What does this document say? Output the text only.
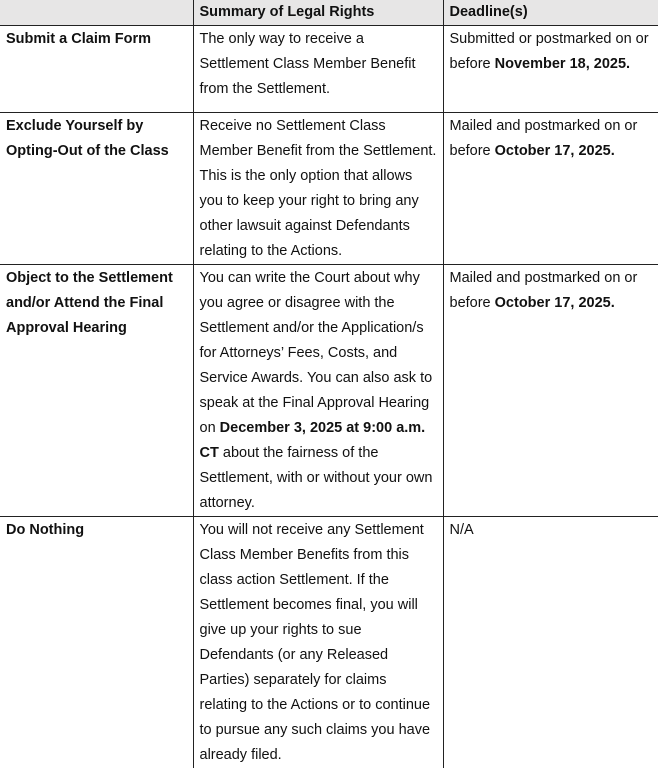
	Summary of Legal Rights	Deadline(s)

Submit a Claim Form	The only way to receive a Settlement Class Member Benefit from the Settlement.	Submitted or postmarked on or before November 18, 2025.

Exclude Yourself by Opting-Out of the Class	Receive no Settlement Class Member Benefit from the Settlement. This is the only option that allows you to keep your right to bring any other lawsuit against Defendants relating to the Actions.	Mailed and postmarked on or before October 17, 2025.

Object to the Settlement and/or Attend the Final Approval Hearing	You can write the Court about why you agree or disagree with the Settlement and/or the Application/s for Attorneys’ Fees, Costs, and Service Awards. You can also ask to speak at the Final Approval Hearing on December 3, 2025 at 9:00 a.m. CT about the fairness of the Settlement, with or without your own attorney.	Mailed and postmarked on or before October 17, 2025.

Do Nothing	You will not receive any Settlement Class Member Benefits from this class action Settlement. If the Settlement becomes final, you will give up your rights to sue Defendants (or any Released Parties) separately for claims relating to the Actions or to continue to pursue any such claims you have already filed.	N/A
